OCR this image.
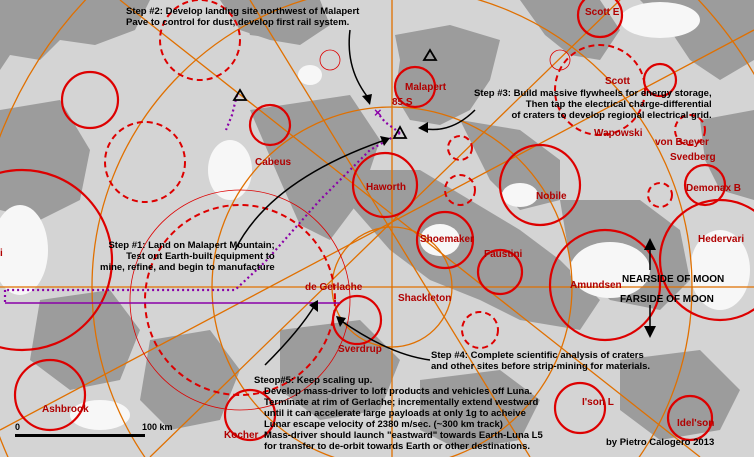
×
Scott E
Malapert
Scott
85 S
Wapowski
von Baeyer
Svedberg
Demonax B
Cabeus
Haworth
Nobile
Shoemaker
Faustini
Hedervari
Amundsen
de Gerlache
Shackleton
Sverdrup
Ashbrook
I'son L
Idel'son
Kocher
i
NEARSIDE OF MOON
FARSIDE OF MOON
Step #2: Develop landing site northwest of Malapert
Pave to control for dust, develop first rail system.
Step #3: Build massive flywheels for energy storage,
Then tap the electrical charge-differential
of craters to develop regional electrical grid.
Step #1: Land on Malapert Mountain;
Test out Earth-built equipment to
mine, refine, and begin to manufacture
Step #4: Complete scientific analysis of craters
and other sites before strip-mining for materials.
Steop#5: Keep scaling up.
Develop mass-driver to loft products and vehicles off Luna.
Terminate at rim of Gerlache; incrementally extend westward
until it can accelerate large payloads at only 1g to acheive
Lunar escape velocity of 2380 m/sec. (~300 km track)
Mass-driver should launch "eastward" towards Earth-Luna L5
for transfer to de-orbit towards Earth or other destinations.
0	100 km
by Pietro Calogero 2013
